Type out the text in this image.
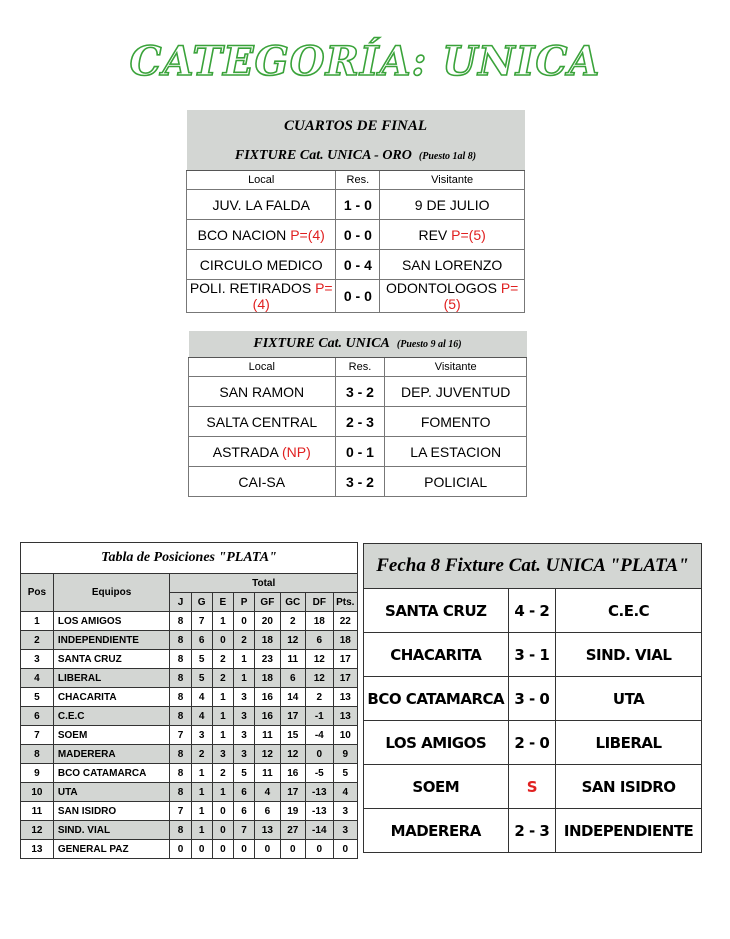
CATEGORÍA: UNICA
CUARTOS DE FINAL		
FIXTURE Cat. UNICA - ORO (Puesto 1al 8)		
Local	Res.	Visitante
JUV. LA FALDA	1 - 0	9 DE JULIO
BCO NACION P=(4)	0 - 0	REV P=(5)
CIRCULO MEDICO	0 - 4	SAN LORENZO
POLI. RETIRADOS P=(4)	0 - 0	ODONTOLOGOS P=(5)
FIXTURE Cat. UNICA (Puesto 9 al 16)		
Local	Res.	Visitante
SAN RAMON	3 - 2	DEP. JUVENTUD
SALTA CENTRAL	2 - 3	FOMENTO
ASTRADA (NP)	0 - 1	LA ESTACION
CAI-SA	3 - 2	POLICIAL
Tabla de Posiciones "PLATA"									
Pos	Equipos	Total							
		J	G	E	P	GF	GC	DF	Pts.
1	LOS AMIGOS	8	7	1	0	20	2	18	22
2	INDEPENDIENTE	8	6	0	2	18	12	6	18
3	SANTA CRUZ	8	5	2	1	23	11	12	17
4	LIBERAL	8	5	2	1	18	6	12	17
5	CHACARITA	8	4	1	3	16	14	2	13
6	C.E.C	8	4	1	3	16	17	-1	13
7	SOEM	7	3	1	3	11	15	-4	10
8	MADERERA	8	2	3	3	12	12	0	9
9	BCO CATAMARCA	8	1	2	5	11	16	-5	5
10	UTA	8	1	1	6	4	17	-13	4
11	SAN ISIDRO	7	1	0	6	6	19	-13	3
12	SIND. VIAL	8	1	0	7	13	27	-14	3
13	GENERAL PAZ	0	0	0	0	0	0	0	0
Fecha 8 Fixture Cat. UNICA "PLATA"		
SANTA CRUZ	4 - 2	C.E.C
CHACARITA	3 - 1	SIND. VIAL
BCO CATAMARCA	3 - 0	UTA
LOS AMIGOS	2 - 0	LIBERAL
SOEM	S	SAN ISIDRO
MADERERA	2 - 3	INDEPENDIENTE
